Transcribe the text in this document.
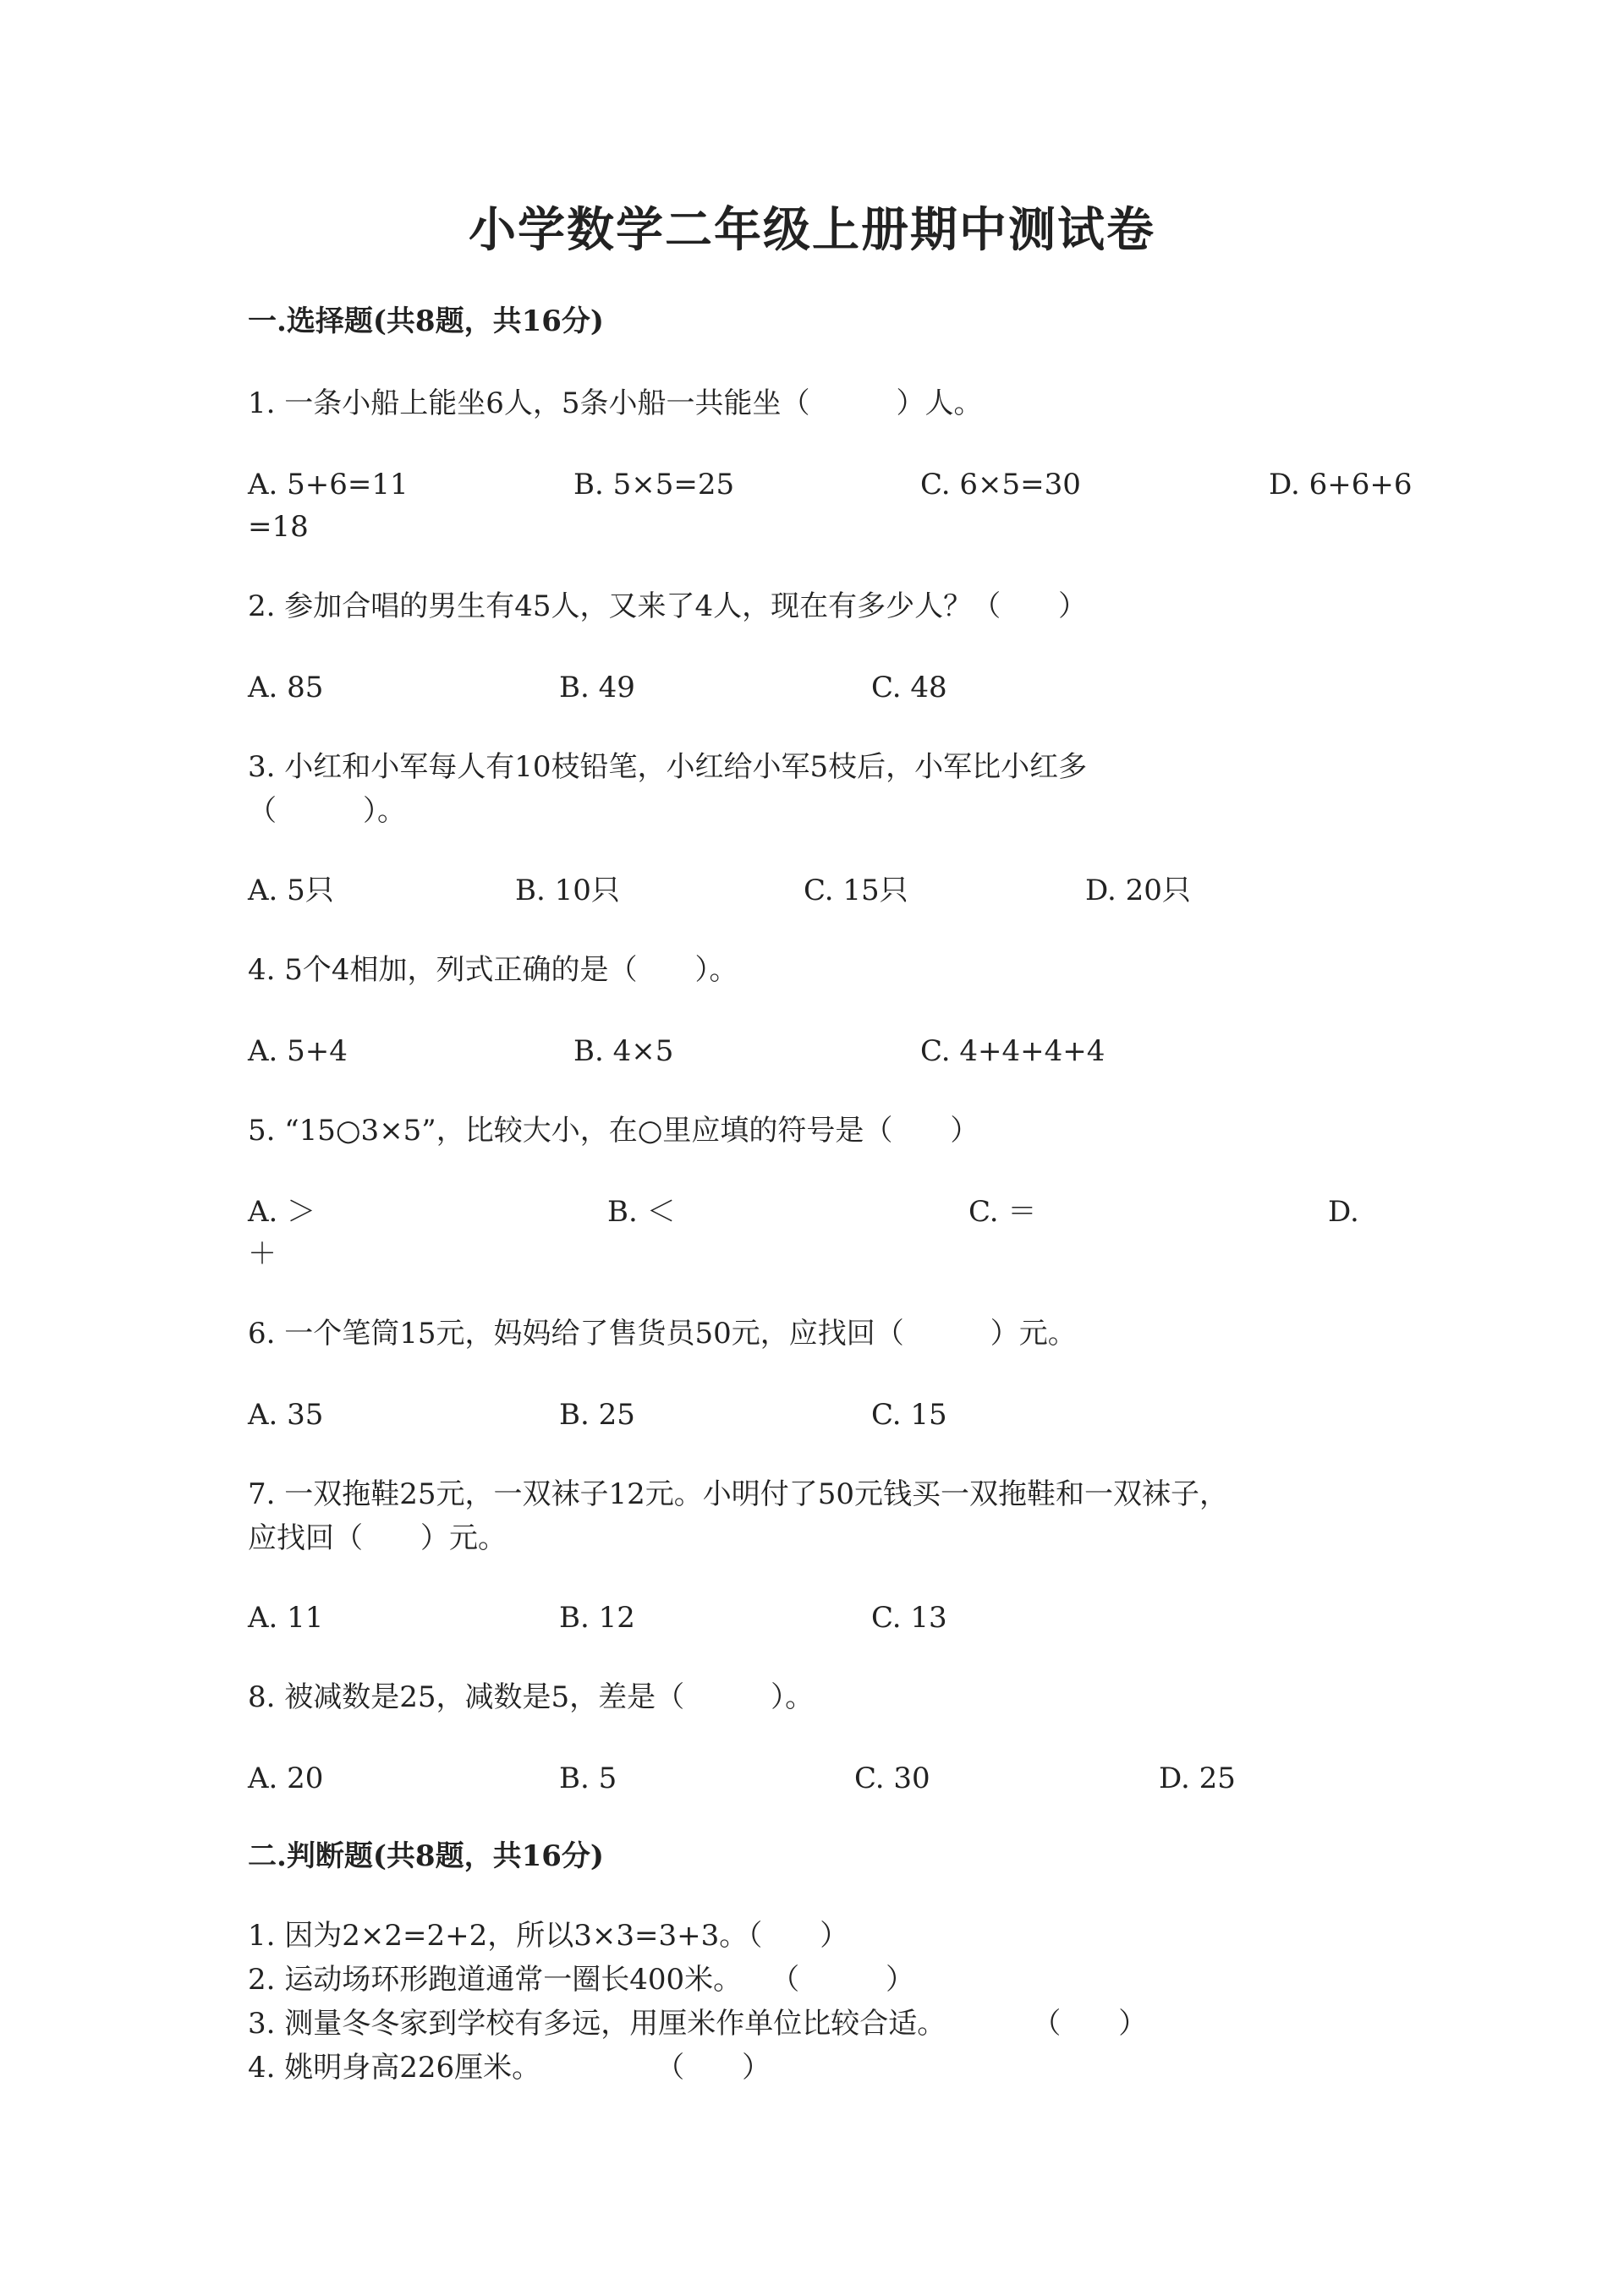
小学数学二年级上册期中测试卷
一.选择题(共8题，共16分)
1. 一条小船上能坐6人，5条小船一共能坐（　　　）人。
A. 5+6=11	B. 5×5=25	C. 6×5=30	D. 6+6+6
=18
2. 参加合唱的男生有45人，又来了4人，现在有多少人？（　　）
A. 85	B. 49	C. 48
3. 小红和小军每人有10枝铅笔，小红给小军5枝后，小军比小红多
（　　　）。
A. 5只	B. 10只	C. 15只	D. 20只
4. 5个4相加，列式正确的是（　　）。
A. 5+4	B. 4×5	C. 4+4+4+4
5. “15○3×5”，比较大小，在○里应填的符号是（　　）
A. ＞	B. ＜	C. ＝	D.
＋
6. 一个笔筒15元，妈妈给了售货员50元，应找回（　　　）元。
A. 35	B. 25	C. 15
7. 一双拖鞋25元，一双袜子12元。小明付了50元钱买一双拖鞋和一双袜子，
应找回（　　）元。
A. 11	B. 12	C. 13
8. 被减数是25，减数是5，差是（　　　）。
A. 20	B. 5	C. 30	D. 25
二.判断题(共8题，共16分)
1. 因为2×2=2+2，所以3×3=3+3。（　　）
2. 运动场环形跑道通常一圈长400米。　　（　　　）
3. 测量冬冬家到学校有多远，用厘米作单位比较合适。　　　　（　　）
4. 姚明身高226厘米。　　　　　（　　）
